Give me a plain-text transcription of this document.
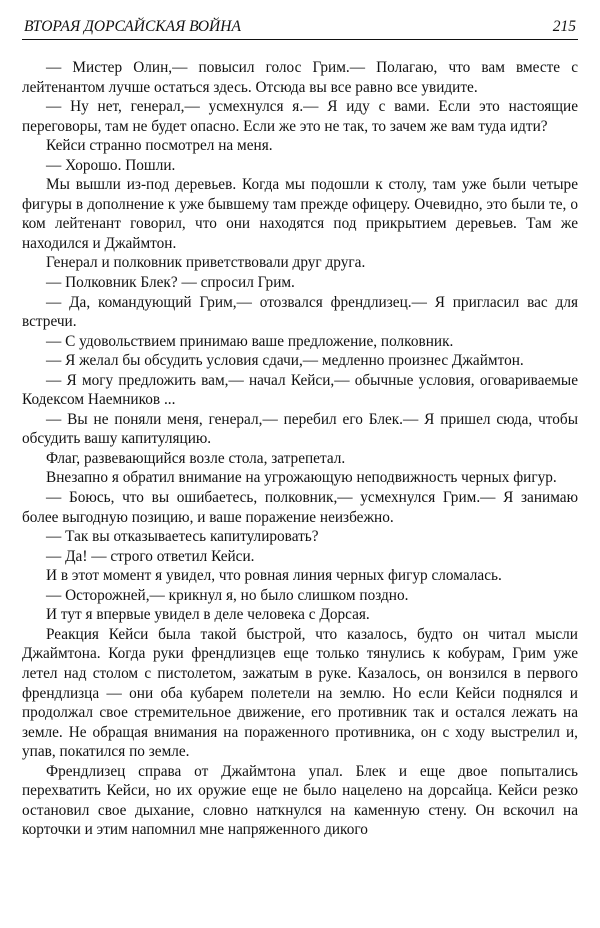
ВТОРАЯ ДОРСАЙСКАЯ ВОЙНА	215

— Мистер Олин,— повысил голос Грим.— Полагаю, что вам вместе с лейтенантом лучше остаться здесь. Отсюда вы все равно все увидите.

— Ну нет, генерал,— усмехнулся я.— Я иду с вами. Если это настоящие переговоры, там не будет опасно. Если же это не так, то зачем же вам туда идти?

Кейси странно посмотрел на меня.

— Хорошо. Пошли.

Мы вышли из-под деревьев. Когда мы подошли к столу, там уже были четыре фигуры в дополнение к уже бывшему там прежде офицеру. Очевидно, это были те, о ком лейтенант говорил, что они находятся под прикрытием деревьев. Там же находился и Джаймтон.

Генерал и полковник приветствовали друг друга.

— Полковник Блек? — спросил Грим.

— Да, командующий Грим,— отозвался френдлизец.— Я пригласил вас для встречи.

— С удовольствием принимаю ваше предложение, полковник.

— Я желал бы обсудить условия сдачи,— медленно произнес Джаймтон.

— Я могу предложить вам,— начал Кейси,— обычные условия, оговариваемые Кодексом Наемников ...

— Вы не поняли меня, генерал,— перебил его Блек.— Я пришел сюда, чтобы обсудить вашу капитуляцию.

Флаг, развевающийся возле стола, затрепетал.

Внезапно я обратил внимание на угрожающую неподвижность черных фигур.

— Боюсь, что вы ошибаетесь, полковник,— усмехнулся Грим.— Я занимаю более выгодную позицию, и ваше поражение неизбежно.

— Так вы отказываетесь капитулировать?

— Да! — строго ответил Кейси.

И в этот момент я увидел, что ровная линия черных фигур сломалась.

— Осторожней,— крикнул я, но было слишком поздно.

И тут я впервые увидел в деле человека с Дорсая.

Реакция Кейси была такой быстрой, что казалось, будто он читал мысли Джаймтона. Когда руки френдлизцев еще только тянулись к кобурам, Грим уже летел над столом с пистолетом, зажатым в руке. Казалось, он вонзился в первого френдлизца — они оба кубарем полетели на землю. Но если Кейси поднялся и продолжал свое стремительное движение, его противник так и остался лежать на земле. Не обращая внимания на пораженного противника, он с ходу выстрелил и, упав, покатился по земле.

Френдлизец справа от Джаймтона упал. Блек и еще двое попытались перехватить Кейси, но их оружие еще не было нацелено на дорсайца. Кейси резко остановил свое дыхание, словно наткнулся на каменную стену. Он вскочил на корточки и этим напомнил мне напряженного дикого
